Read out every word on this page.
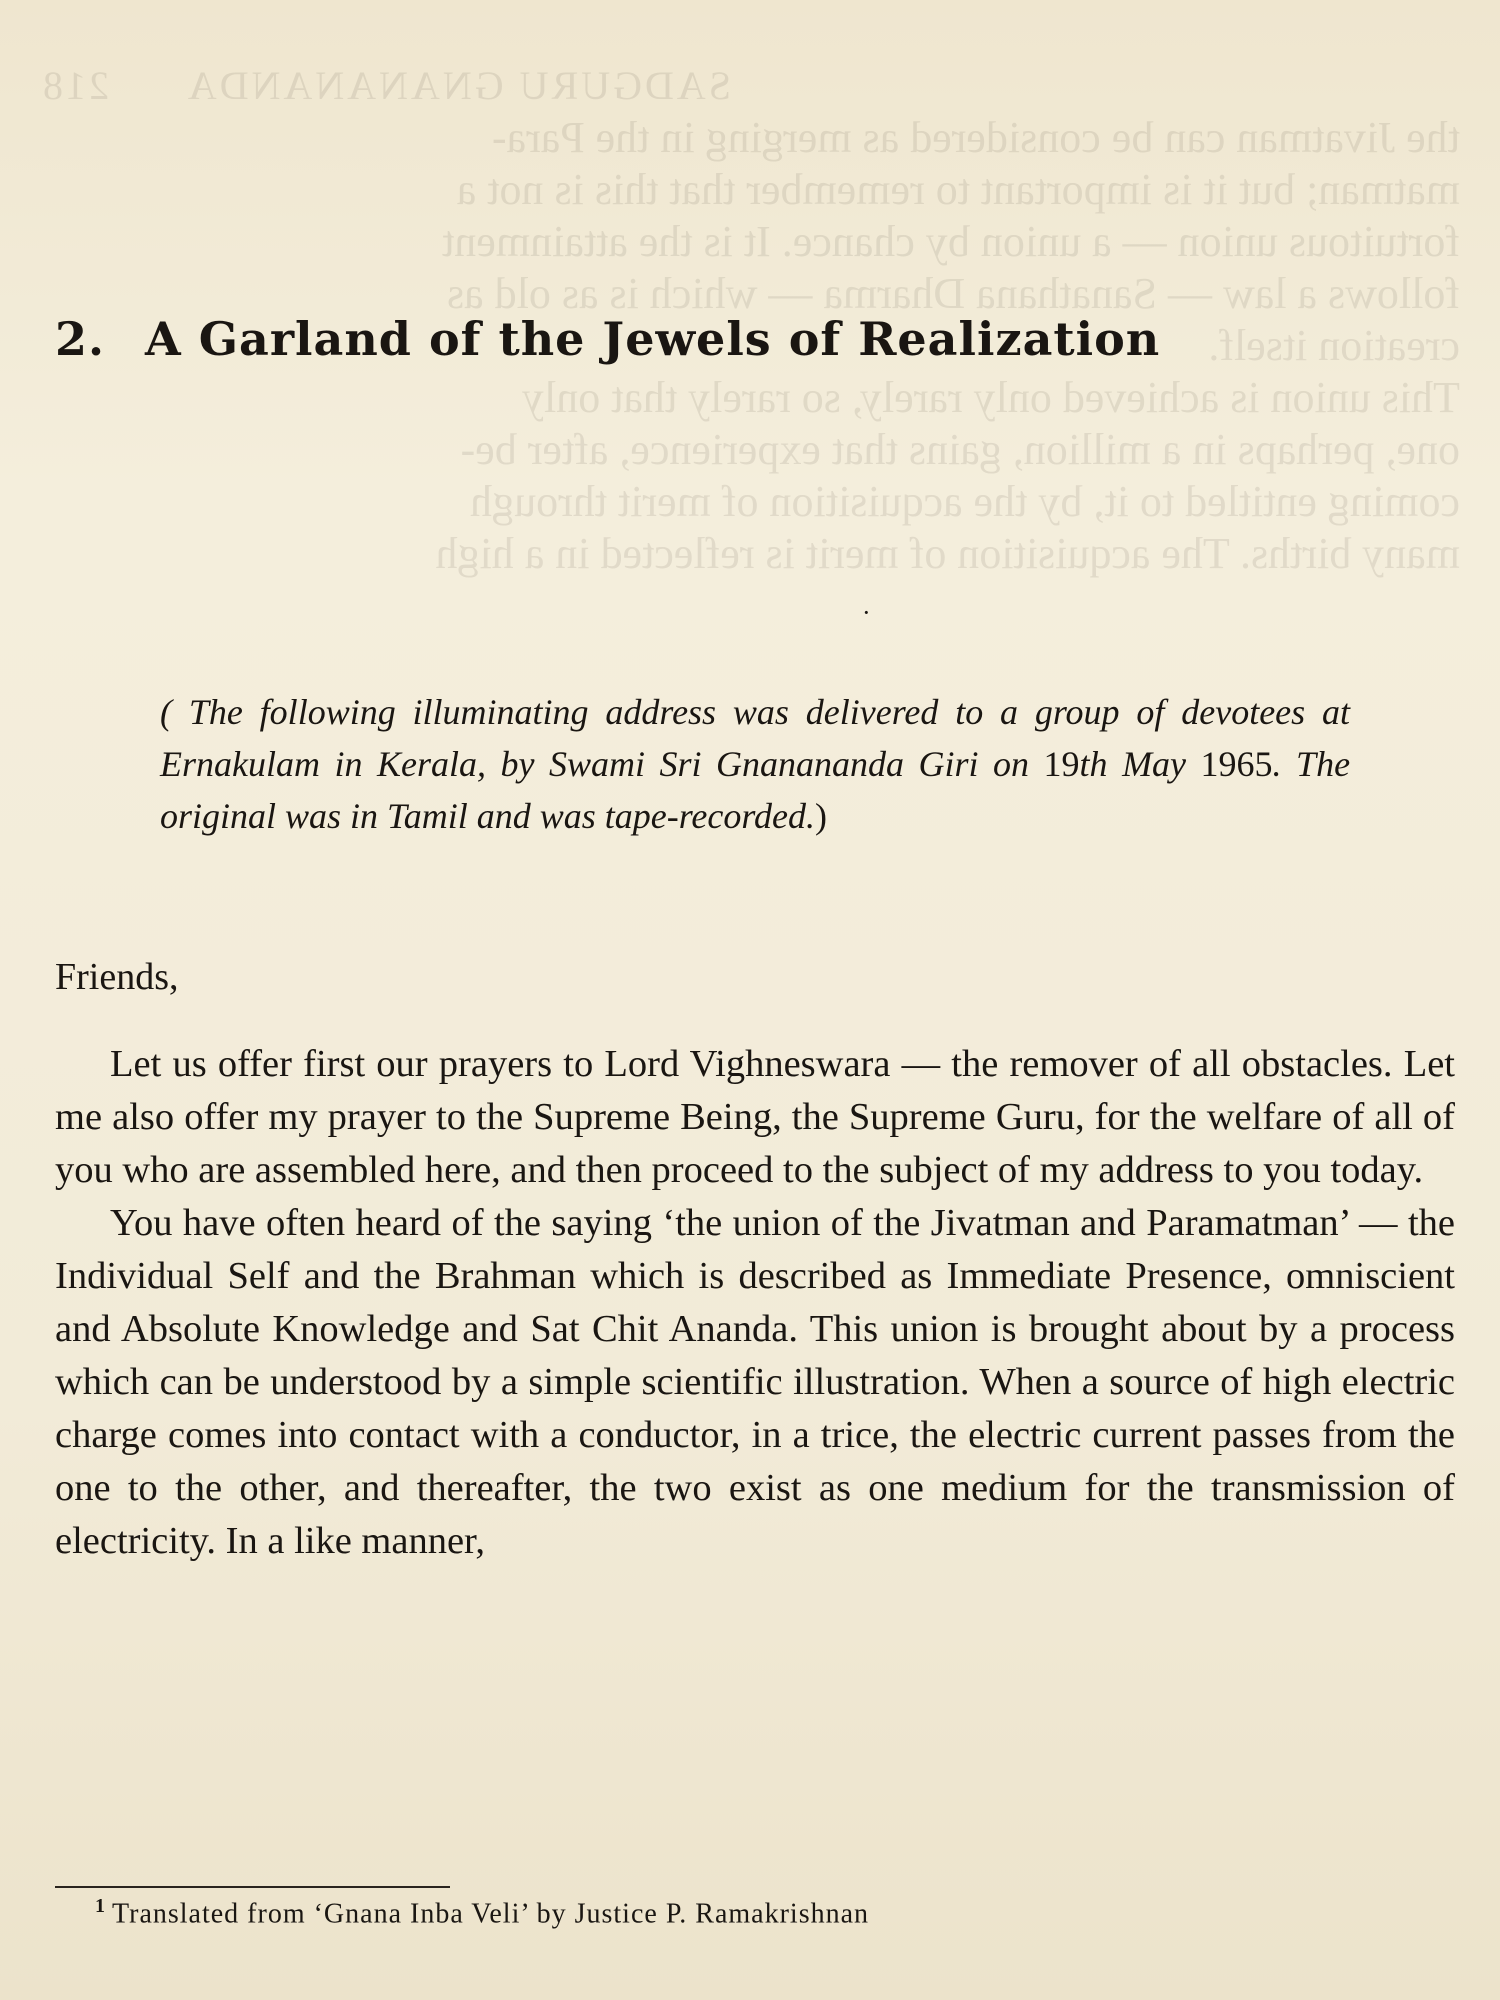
SADGURU GNANANANDA      218

the Jivatman can be considered as merging in the Para-

matman; but it is important to remember that this is not a

fortuitous union — a union by chance. It is the attainment

follows a law — Sanathana Dharma — which is as old as

creation itself.

This union is achieved only rarely, so rarely that only

one, perhaps in a million, gains that experience, after be-

coming entitled to it, by the acquisition of merit through

many births. The acquisition of merit is reflected in a high

2. A Garland of the Jewels of Realization
·
( The following illuminating address was delivered to a group of devotees at Ernakulam in Kerala, by Swami Sri Gnanananda Giri on 19th May 1965. The original was in Tamil and was tape-recorded.)
Friends,

Let us offer first our prayers to Lord Vighneswara — the remover of all obstacles. Let me also offer my prayer to the Supreme Being, the Supreme Guru, for the welfare of all of you who are assembled here, and then proceed to the subject of my address to you today.

You have often heard of the saying ‘the union of the Jivatman and Paramatman’ — the Individual Self and the Brahman which is described as Immediate Presence, omniscient and Absolute Knowledge and Sat Chit Ananda. This union is brought about by a process which can be understood by a simple scientific illustration. When a source of high electric charge comes into contact with a conductor, in a trice, the electric current passes from the one to the other, and thereafter, the two exist as one medium for the transmission of electricity. In a like manner,

$^1$ Translated from ‘Gnana Inba Veli’ by Justice P. Ramakrishnan
